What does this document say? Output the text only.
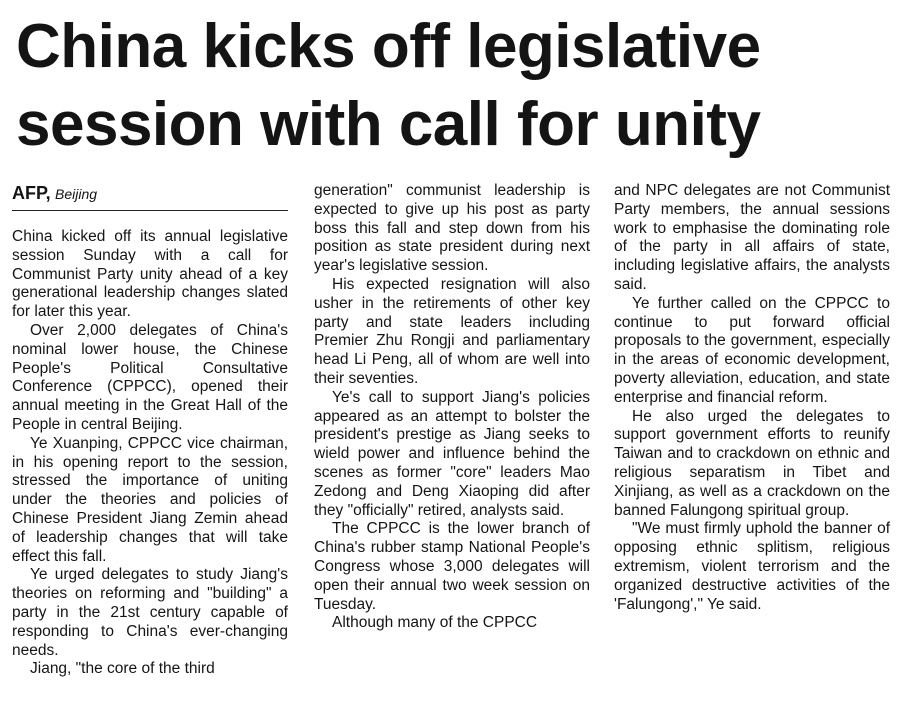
China kicks off legislative
session with call for unity
AFP, Beijing

China kicked off its annual legislative session Sunday with a call for Communist Party unity ahead of a key generational leadership changes slated for later this year.

Over 2,000 delegates of China's nominal lower house, the Chinese People's Political Consultative Conference (CPPCC), opened their annual meeting in the Great Hall of the People in central Beijing.

Ye Xuanping, CPPCC vice chairman, in his opening report to the session, stressed the importance of uniting under the theories and policies of Chinese President Jiang Zemin ahead of leadership changes that will take effect this fall.

Ye urged delegates to study Jiang's theories on reforming and "building" a party in the 21st century capable of responding to China's ever-changing needs.

Jiang, "the core of the third

generation" communist leadership is expected to give up his post as party boss this fall and step down from his position as state president during next year's legislative session.

His expected resignation will also usher in the retirements of other key party and state leaders including Premier Zhu Rongji and parliamentary head Li Peng, all of whom are well into their seventies.

Ye's call to support Jiang's policies appeared as an attempt to bolster the president's prestige as Jiang seeks to wield power and influence behind the scenes as former "core" leaders Mao Zedong and Deng Xiaoping did after they "officially" retired, analysts said.

The CPPCC is the lower branch of China's rubber stamp National People's Congress whose 3,000 delegates will open their annual two week session on Tuesday.

Although many of the CPPCC

and NPC delegates are not Communist Party members, the annual sessions work to emphasise the dominating role of the party in all affairs of state, including legislative affairs, the analysts said.

Ye further called on the CPPCC to continue to put forward official proposals to the government, especially in the areas of economic development, poverty alleviation, education, and state enterprise and financial reform.

He also urged the delegates to support government efforts to reunify Taiwan and to crackdown on ethnic and religious separatism in Tibet and Xinjiang, as well as a crackdown on the banned Falungong spiritual group.

"We must firmly uphold the banner of opposing ethnic splitism, religious extremism, violent terrorism and the organized destructive activities of the 'Falungong'," Ye said.
